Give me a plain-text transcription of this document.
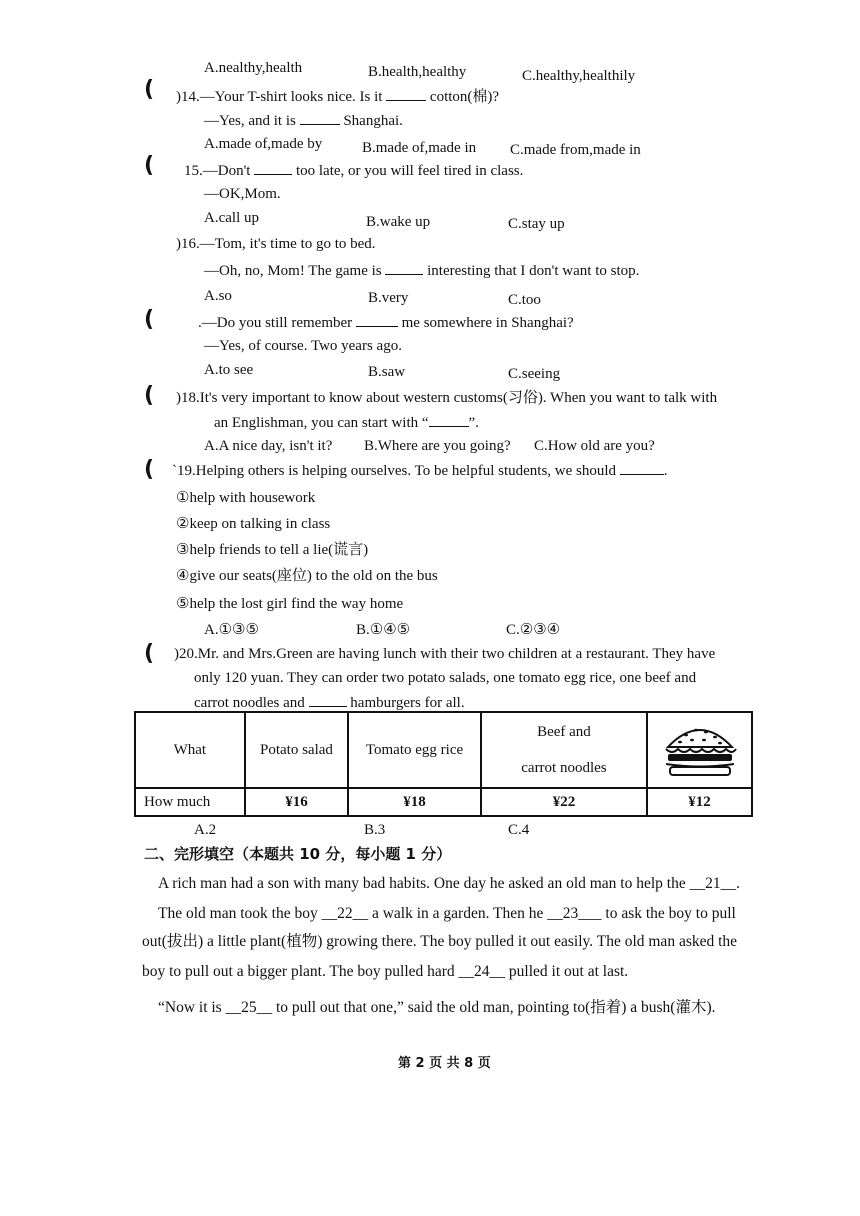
A.nealthy,health	B.health,healthy	C.healthy,healthily
( )14.—Your T-shirt looks nice. Is it	cotton(棉)?
—Yes, and it is	Shanghai.
A.made of,made by	B.made of,made in C.made from,made in
( 15.—Don't	too late, or you will feel tired in class.
—OK,Mom.
A.call up	B.wake up	C.stay up
)16.—Tom, it's time to go to bed.
—Oh, no, Mom! The game is	interesting that I don't want to stop.
A.so	B.very	C.too
(	.—Do you still remember	me somewhere in Shanghai?
—Yes, of course. Two years ago.
A.to see	B.saw	C.seeing
( )18.It's very important to know about western customs(习俗). When you want to talk with
an Englishman, you can start with “	”.
A.A nice day, isn't it? B.Where are you going? C.How old are you?
( `19.Helping others is helping ourselves. To be helpful students, we should	.
①help with housework
②keep on talking in class
③help friends to tell a lie(谎言)
④give our seats(座位) to the old on the bus
⑤help the lost girl find the way home
A.①③⑤	B.①④⑤	C.②③④
( )20.Mr. and Mrs.Green are having lunch with their two children at a restaurant. They have
only 120 yuan. They can order two potato salads, one tomato egg rice, one beef and
carrot noodles and	hamburgers for all.
What	Potato salad	Tomato egg rice	Beef and
carrot noodles

How much	¥16	¥18	¥22	¥12
A.2	B.3	C.4
二、完形填空（本题共 10 分，每小题 1 分）
A rich man had a son with many bad habits. One day he asked an old man to help the __21__.
The old man took the boy __22__ a walk in a garden. Then he __23___ to ask the boy to pull
out(拔出) a little plant(植物) growing there. The boy pulled it out easily. The old man asked the
boy to pull out a bigger plant. The boy pulled hard __24__ pulled it out at last.
“Now it is __25__ to pull out that one,” said the old man, pointing to(指着) a bush(灌木).
第 2 页 共 8 页
